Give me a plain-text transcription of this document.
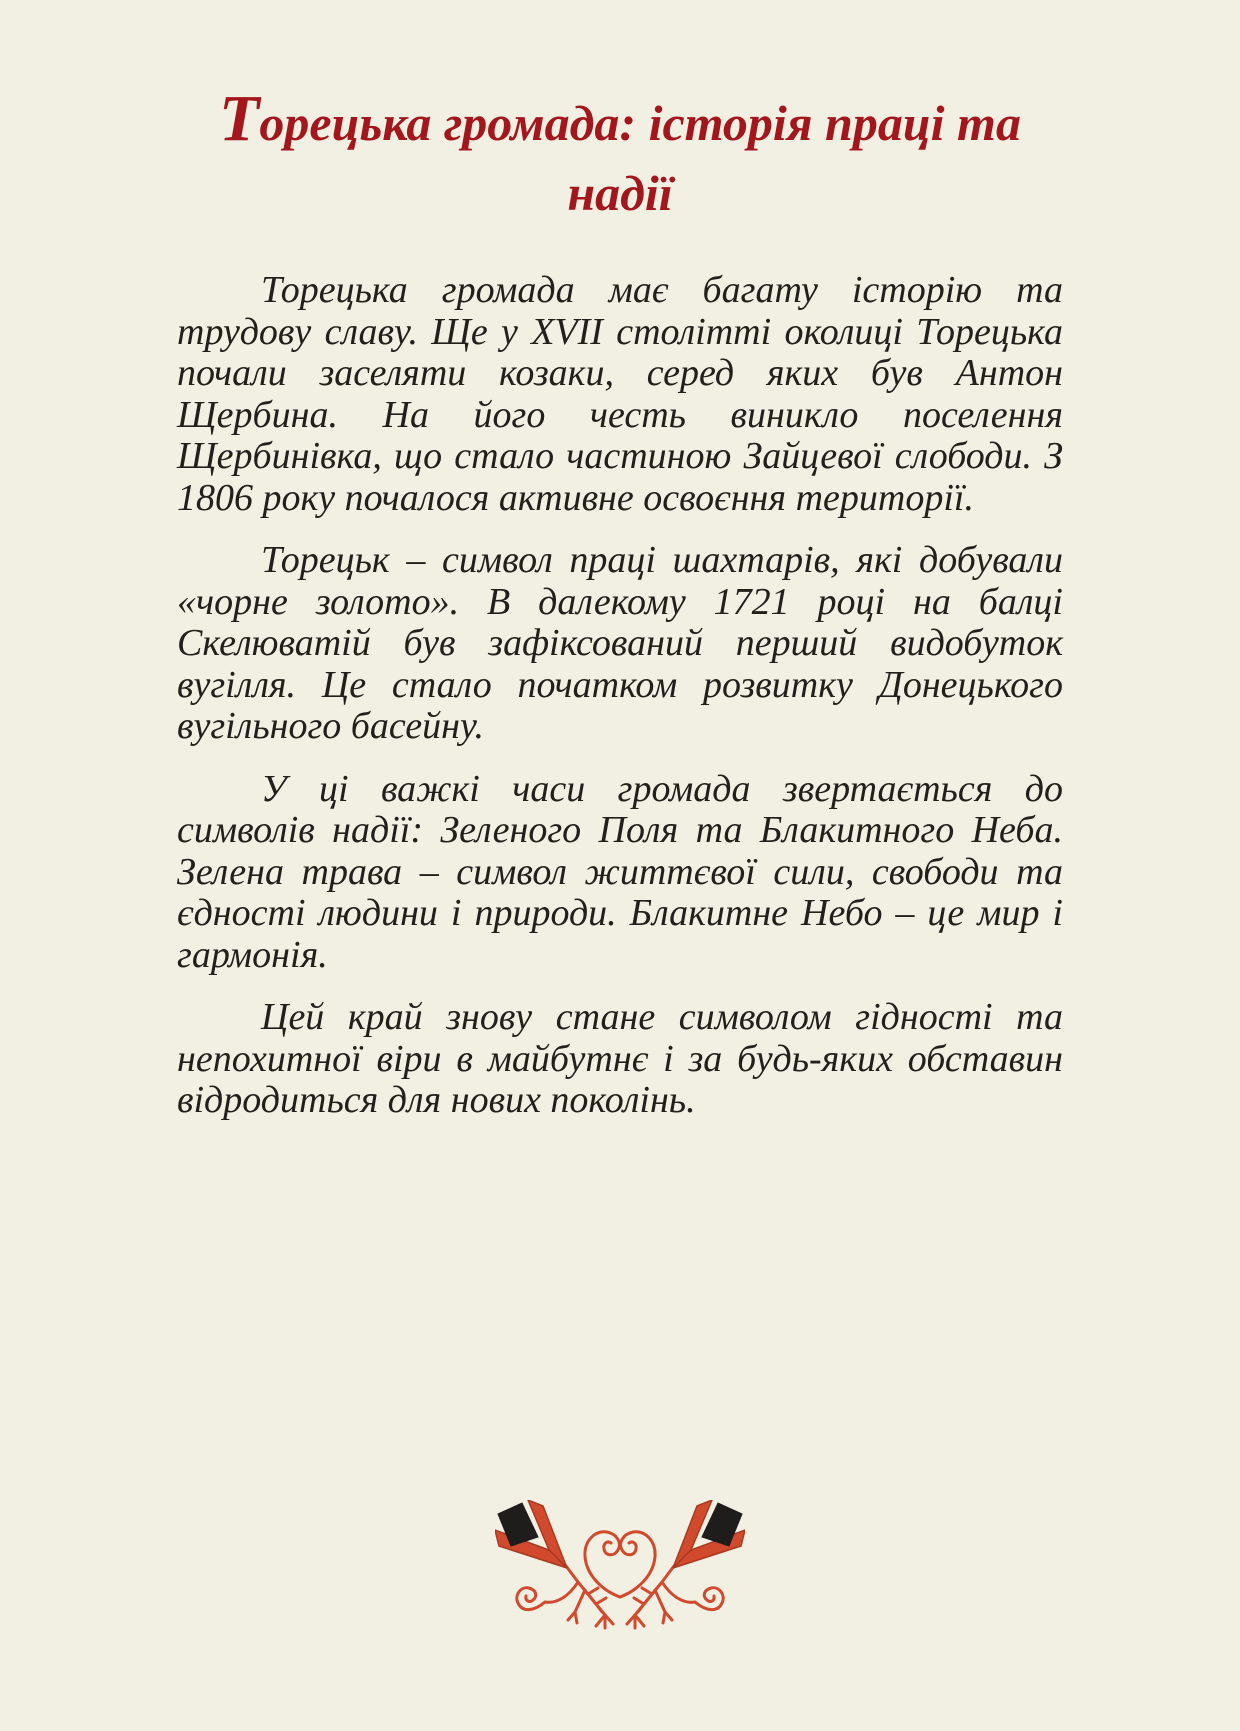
Торецька громада: історія праці та
надії

Торецька громада має багату історію та трудову славу. Ще у XVII столітті околиці Торецька почали заселяти козаки, серед яких був Антон Щербина. На його честь виникло поселення Щербинівка, що стало частиною Зайцевої слободи. З 1806 року почалося активне освоєння території.

Торецьк – символ праці шахтарів, які добували «чорне золото». В далекому 1721 році на балці Скелюватій був зафіксований перший видобуток вугілля. Це стало початком розвитку Донецького вугільного басейну.

У ці важкі часи громада звертається до символів надії: Зеленого Поля та Блакитного Неба. Зелена трава – символ життєвої сили, свободи та єдності людини і природи. Блакитне Небо – це мир і гармонія.

Цей край знову стане символом гідності та непохитної віри в майбутнє і за будь-яких обставин відродиться для нових поколінь.
